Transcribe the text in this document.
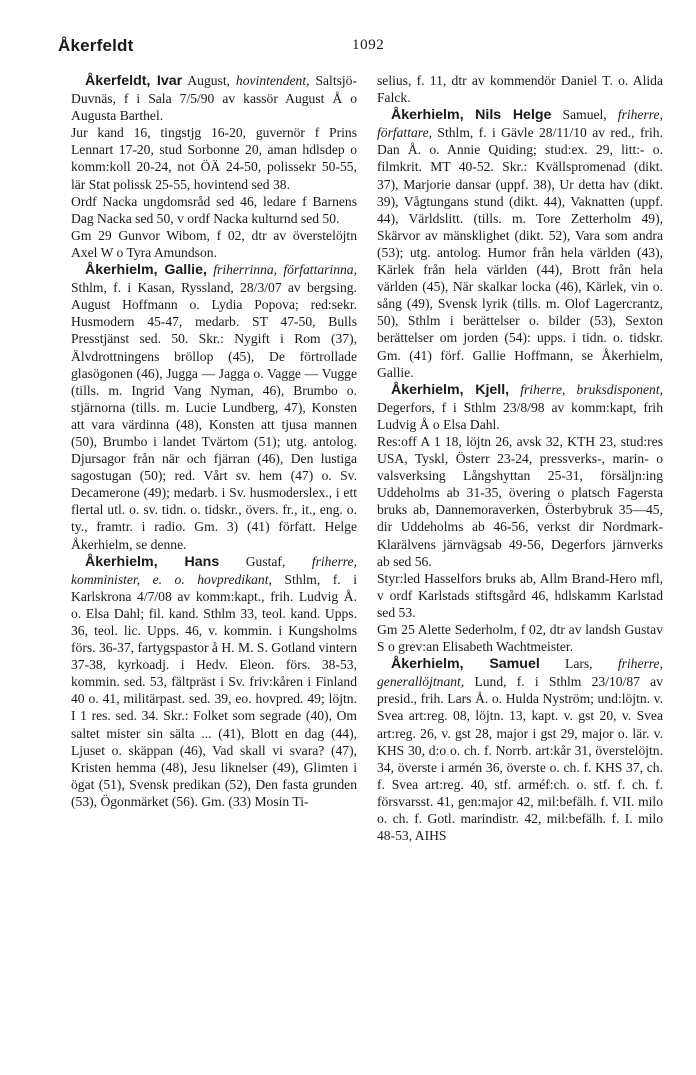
Åkerfeldt	1092

Åkerfeldt, Ivar August, hovintendent, Saltsjö-Duvnäs, f i Sala 7/5/90 av kassör August Å o Augusta Barthel.

Jur kand 16, tingstjg 16-20, guvernör f Prins Lennart 17-20, stud Sorbonne 20, aman hdlsdep o komm:koll 20-24, not ÖÄ 24-50, polissekr 50-55, lär Stat polissk 25-55, hovintend sed 38.

Ordf Nacka ungdomsråd sed 46, ledare f Barnens Dag Nacka sed 50, v ordf Nacka kulturnd sed 50.

Gm 29 Gunvor Wibom, f 02, dtr av överstelöjtn Axel W o Tyra Amundson.

Åkerhielm, Gallie, friherrinna, författarinna, Sthlm, f. i Kasan, Ryssland, 28/3/07 av bergsing. August Hoffmann o. Lydia Popova; red:sekr. Husmodern 45-47, medarb. ST 47-50, Bulls Presstjänst sed. 50. Skr.: Nygift i Rom (37), Älvdrottningens bröllop (45), De förtrollade glasögonen (46), Jugga — Jagga o. Vagge — Vugge (tills. m. Ingrid Vang Nyman, 46), Brumbo o. stjärnorna (tills. m. Lucie Lundberg, 47), Konsten att vara värdinna (48), Konsten att tjusa mannen (50), Brumbo i landet Tvärtom (51); utg. antolog. Djursagor från när och fjärran (46), Den lustiga sagostugan (50); red. Vårt sv. hem (47) o. Sv. Decamerone (49); medarb. i Sv. husmoderslex., i ett flertal utl. o. sv. tidn. o. tidskr., övers. fr., it., eng. o. ty., framtr. i radio. Gm. 3) (41) författ. Helge Åkerhielm, se denne.

Åkerhielm, Hans Gustaf, friherre, komminister, e. o. hovpredikant, Sthlm, f. i Karlskrona 4/7/08 av komm:kapt., frih. Ludvig Å. o. Elsa Dahl; fil. kand. Sthlm 33, teol. kand. Upps. 36, teol. lic. Upps. 46, v. kommin. i Kungsholms förs. 36-37, fartygspastor å H. M. S. Gotland vintern 37-38, kyrkoadj. i Hedv. Eleon. förs. 38-53, kommin. sed. 53, fältpräst i Sv. friv:kåren i Finland 40 o. 41, militärpast. sed. 39, eo. hovpred. 49; löjtn. I 1 res. sed. 34. Skr.: Folket som segrade (40), Om saltet mister sin sälta ... (41), Blott en dag (44), Ljuset o. skäppan (46), Vad skall vi svara? (47), Kristen hemma (48), Jesu liknelser (49), Glimten i ögat (51), Svensk predikan (52), Den fasta grunden (53), Ögonmärket (56). Gm. (33) Mosin Ti-

selius, f. 11, dtr av kommendör Daniel T. o. Alida Falck.

Åkerhielm, Nils Helge Samuel, friherre, författare, Sthlm, f. i Gävle 28/11/10 av red., frih. Dan Å. o. Annie Quiding; stud:ex. 29, litt:- o. filmkrit. MT 40-52. Skr.: Kvällspromenad (dikt. 37), Marjorie dansar (uppf. 38), Ur detta hav (dikt. 39), Vågtungans stund (dikt. 44), Vaknatten (uppf. 44), Världslitt. (tills. m. Tore Zetterholm 49), Skärvor av mänsklighet (dikt. 52), Vara som andra (53); utg. antolog. Humor från hela världen (43), Kärlek från hela världen (44), Brott från hela världen (45), När skalkar locka (46), Kärlek, vin o. sång (49), Svensk lyrik (tills. m. Olof Lagercrantz, 50), Sthlm i berättelser o. bilder (53), Sexton berättelser om jorden (54): upps. i tidn. o. tidskr. Gm. (41) förf. Gallie Hoffmann, se Åkerhielm, Gallie.

Åkerhielm, Kjell, friherre, bruksdisponent, Degerfors, f i Sthlm 23/8/98 av komm:kapt, frih Ludvig Å o Elsa Dahl.

Res:off A 1 18, löjtn 26, avsk 32, KTH 23, stud:res USA, Tyskl, Österr 23-24, pressverks-, marin- o valsverksing Långshyttan 25-31, försäljn:ing Uddeholms ab 31-35, övering o platsch Fagersta bruks ab, Dannemoraverken, Österbybruk 35—45, dir Uddeholms ab 46-56, verkst dir Nordmark-Klarälvens järnvägsab 49-56, Degerfors järnverks ab sed 56.

Styr:led Hasselfors bruks ab, Allm Brand-Hero mfl, v ordf Karlstads stiftsgård 46, hdlskamm Karlstad sed 53.

Gm 25 Alette Sederholm, f 02, dtr av landsh Gustav S o grev:an Elisabeth Wachtmeister.

Åkerhielm, Samuel Lars, friherre, generallöjtnant, Lund, f. i Sthlm 23/10/87 av presid., frih. Lars Å. o. Hulda Nyström; und:löjtn. v. Svea art:reg. 08, löjtn. 13, kapt. v. gst 20, v. Svea art:reg. 26, v. gst 28, major i gst 29, major o. lär. v. KHS 30, d:o o. ch. f. Norrb. art:kår 31, överstelöjtn. 34, överste i armén 36, överste o. ch. f. KHS 37, ch. f. Svea art:reg. 40, stf. arméf:ch. o. stf. f. ch. f. försvarsst. 41, gen:major 42, mil:befälh. f. VII. milo o. ch. f. Gotl. marindistr. 42, mil:befälh. f. I. milo 48-53, AIHS
